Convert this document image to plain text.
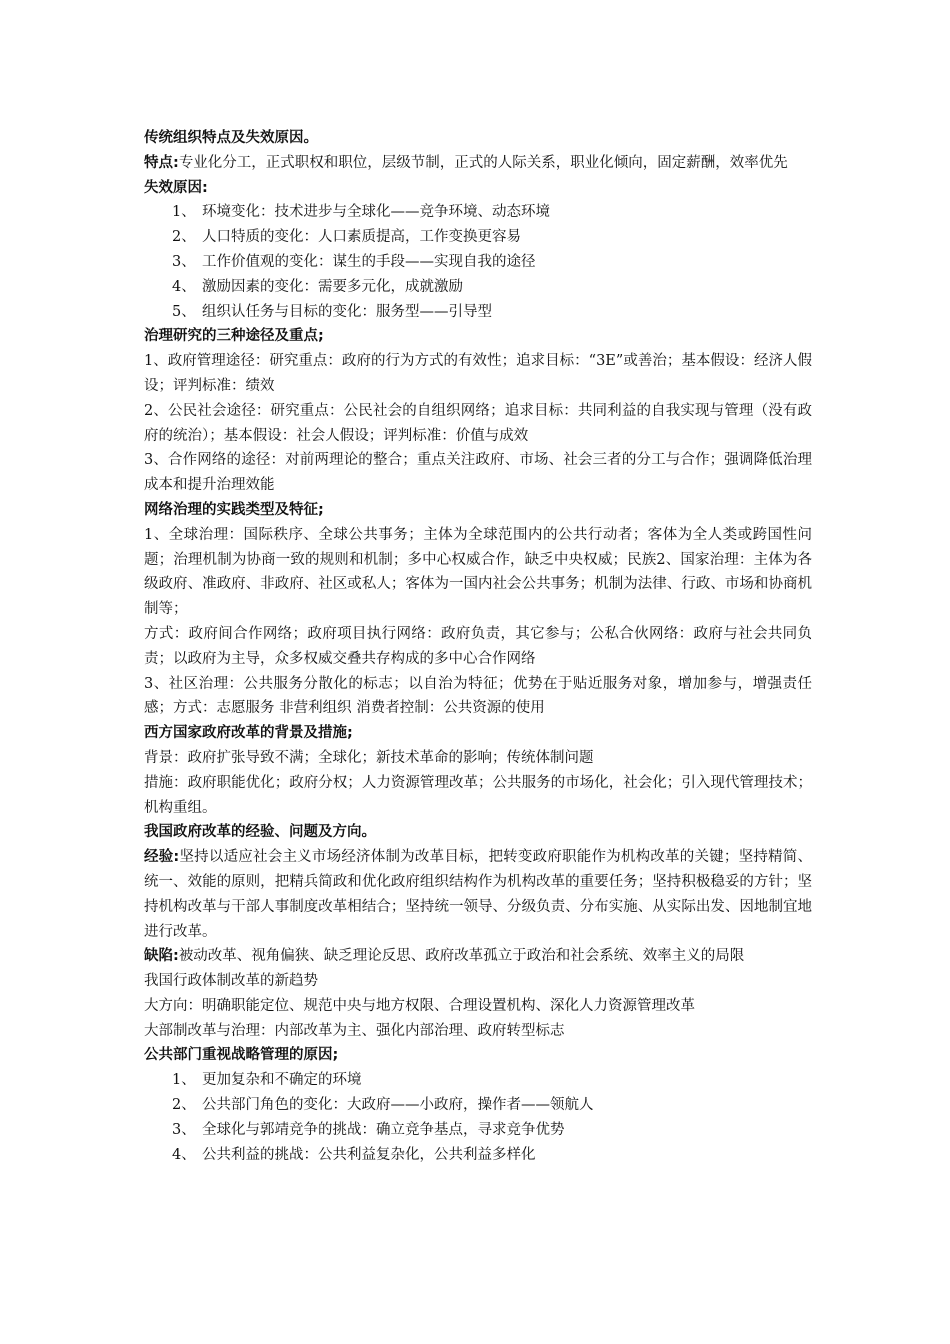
传统组织特点及失效原因。

特点:专业化分工，正式职权和职位，层级节制，正式的人际关系，职业化倾向，固定薪酬，效率优先

失效原因:

1、 环境变化：技术进步与全球化——竞争环境、动态环境

2、 人口特质的变化：人口素质提高，工作变换更容易

3、 工作价值观的变化：谋生的手段——实现自我的途径

4、 激励因素的变化：需要多元化，成就激励

5、 组织认任务与目标的变化：服务型——引导型

治理研究的三种途径及重点;

1、政府管理途径：研究重点：政府的行为方式的有效性；追求目标：“3E”或善治；基本假设：经济人假设；评判标准：绩效

2、公民社会途径：研究重点：公民社会的自组织网络；追求目标：共同利益的自我实现与管理（没有政府的统治）；基本假设：社会人假设；评判标准：价值与成效

3、合作网络的途径：对前两理论的整合；重点关注政府、市场、社会三者的分工与合作；强调降低治理成本和提升治理效能

网络治理的实践类型及特征;

1、全球治理：国际秩序、全球公共事务；主体为全球范围内的公共行动者；客体为全人类或跨国性问题；治理机制为协商一致的规则和机制；多中心权威合作，缺乏中央权威；民族2、国家治理：主体为各级政府、准政府、非政府、社区或私人；客体为一国内社会公共事务；机制为法律、行政、市场和协商机制等；

方式：政府间合作网络；政府项目执行网络：政府负责，其它参与；公私合伙网络：政府与社会共同负责；以政府为主导，众多权威交叠共存构成的多中心合作网络

3、社区治理：公共服务分散化的标志；以自治为特征；优势在于贴近服务对象，增加参与，增强责任感；方式：志愿服务 非营利组织 消费者控制：公共资源的使用

西方国家政府改革的背景及措施;

背景：政府扩张导致不满；全球化；新技术革命的影响；传统体制问题

措施：政府职能优化；政府分权；人力资源管理改革；公共服务的市场化，社会化；引入现代管理技术；机构重组。

我国政府改革的经验、问题及方向。

经验:坚持以适应社会主义市场经济体制为改革目标，把转变政府职能作为机构改革的关键；坚持精简、统一、效能的原则，把精兵简政和优化政府组织结构作为机构改革的重要任务；坚持积极稳妥的方针；坚持机构改革与干部人事制度改革相结合；坚持统一领导、分级负责、分布实施、从实际出发、因地制宜地进行改革。

缺陷:被动改革、视角偏狭、缺乏理论反思、政府改革孤立于政治和社会系统、效率主义的局限

我国行政体制改革的新趋势

大方向：明确职能定位、规范中央与地方权限、合理设置机构、深化人力资源管理改革

大部制改革与治理：内部改革为主、强化内部治理、政府转型标志

公共部门重视战略管理的原因;

1、 更加复杂和不确定的环境

2、 公共部门角色的变化：大政府——小政府，操作者——领航人

3、 全球化与郭靖竞争的挑战：确立竞争基点，寻求竞争优势

4、 公共利益的挑战：公共利益复杂化，公共利益多样化
